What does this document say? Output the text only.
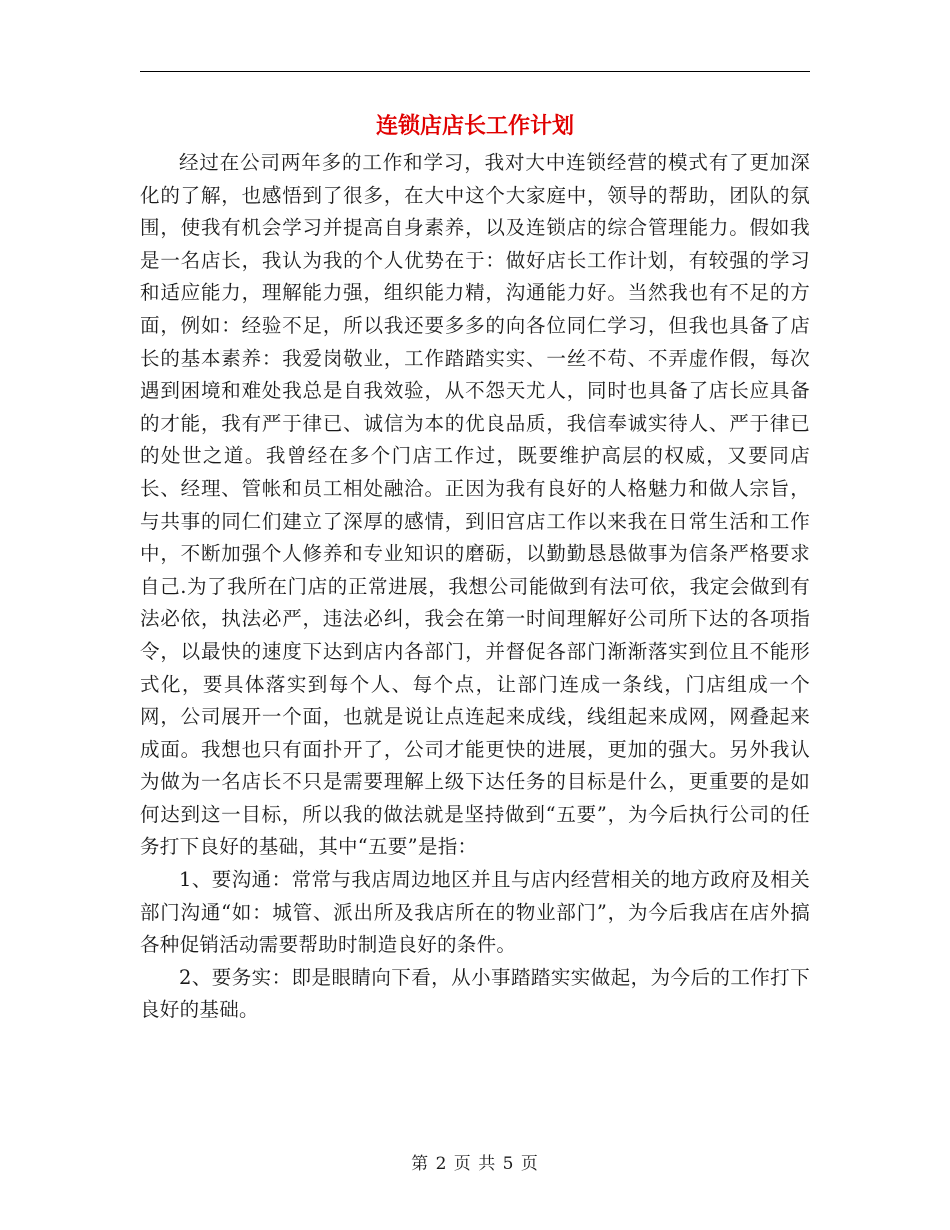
连锁店店长工作计划

经过在公司两年多的工作和学习，我对大中连锁经营的模式有了更加深化的了解，也感悟到了很多，在大中这个大家庭中，领导的帮助，团队的氛围，使我有机会学习并提高自身素养，以及连锁店的综合管理能力。假如我是一名店长，我认为我的个人优势在于：做好店长工作计划，有较强的学习和适应能力，理解能力强，组织能力精，沟通能力好。当然我也有不足的方面，例如：经验不足，所以我还要多多的向各位同仁学习，但我也具备了店长的基本素养：我爱岗敬业，工作踏踏实实、一丝不苟、不弄虚作假，每次遇到困境和难处我总是自我效验，从不怨天尤人，同时也具备了店长应具备的才能，我有严于律已、诚信为本的优良品质，我信奉诚实待人、严于律已的处世之道。我曾经在多个门店工作过，既要维护高层的权威，又要同店长、经理、管帐和员工相处融洽。正因为我有良好的人格魅力和做人宗旨，与共事的同仁们建立了深厚的感情，到旧宫店工作以来我在日常生活和工作中，不断加强个人修养和专业知识的磨砺，以勤勤恳恳做事为信条严格要求自己.为了我所在门店的正常进展，我想公司能做到有法可依，我定会做到有法必依，执法必严，违法必纠，我会在第一时间理解好公司所下达的各项指令，以最快的速度下达到店内各部门，并督促各部门渐渐落实到位且不能形式化，要具体落实到每个人、每个点，让部门连成一条线，门店组成一个网，公司展开一个面，也就是说让点连起来成线，线组起来成网，网叠起来成面。我想也只有面扑开了，公司才能更快的进展，更加的强大。另外我认为做为一名店长不只是需要理解上级下达任务的目标是什么，更重要的是如何达到这一目标，所以我的做法就是坚持做到“五要”，为今后执行公司的任务打下良好的基础，其中“五要”是指：

1、要沟通：常常与我店周边地区并且与店内经营相关的地方政府及相关部门沟通“如：城管、派出所及我店所在的物业部门”，为今后我店在店外搞各种促销活动需要帮助时制造良好的条件。

2、要务实：即是眼睛向下看，从小事踏踏实实做起，为今后的工作打下良好的基础。

第 2 页 共 5 页
